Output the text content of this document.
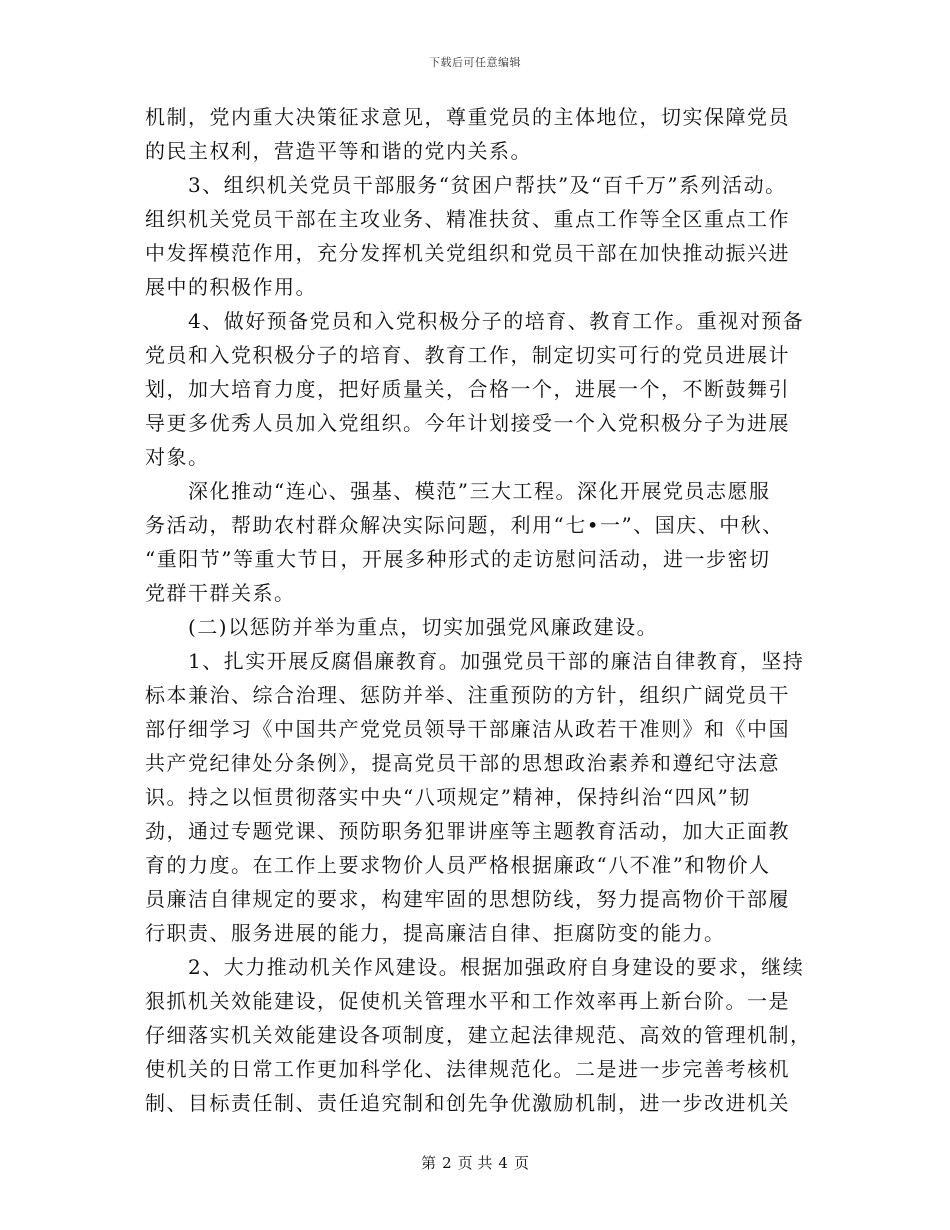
下载后可任意编辑
机制，党内重大决策征求意见，尊重党员的主体地位，切实保障党员
的民主权利，营造平等和谐的党内关系。
　　3、组织机关党员干部服务“贫困户帮扶”及“百千万”系列活动。
组织机关党员干部在主攻业务、精准扶贫、重点工作等全区重点工作
中发挥模范作用，充分发挥机关党组织和党员干部在加快推动振兴进
展中的积极作用。
　　4、做好预备党员和入党积极分子的培育、教育工作。重视对预备
党员和入党积极分子的培育、教育工作，制定切实可行的党员进展计
划，加大培育力度，把好质量关，合格一个，进展一个，不断鼓舞引
导更多优秀人员加入党组织。今年计划接受一个入党积极分子为进展
对象。
　　深化推动“连心、强基、模范”三大工程。深化开展党员志愿服
务活动，帮助农村群众解决实际问题，利用“七•一”、国庆、中秋、
“重阳节”等重大节日，开展多种形式的走访慰问活动，进一步密切
党群干群关系。
　　(二)以惩防并举为重点，切实加强党风廉政建设。
　　1、扎实开展反腐倡廉教育。加强党员干部的廉洁自律教育，坚持
标本兼治、综合治理、惩防并举、注重预防的方针，组织广阔党员干
部仔细学习《中国共产党党员领导干部廉洁从政若干准则》和《中国
共产党纪律处分条例》，提高党员干部的思想政治素养和遵纪守法意
识。持之以恒贯彻落实中央“八项规定”精神，保持纠治“四风”韧
劲，通过专题党课、预防职务犯罪讲座等主题教育活动，加大正面教
育的力度。在工作上要求物价人员严格根据廉政“八不准”和物价人
员廉洁自律规定的要求，构建牢固的思想防线，努力提高物价干部履
行职责、服务进展的能力，提高廉洁自律、拒腐防变的能力。
　　2、大力推动机关作风建设。根据加强政府自身建设的要求，继续
狠抓机关效能建设，促使机关管理水平和工作效率再上新台阶。一是
仔细落实机关效能建设各项制度，建立起法律规范、高效的管理机制，
使机关的日常工作更加科学化、法律规范化。二是进一步完善考核机
制、目标责任制、责任追究制和创先争优激励机制，进一步改进机关
第 2 页 共 4 页
